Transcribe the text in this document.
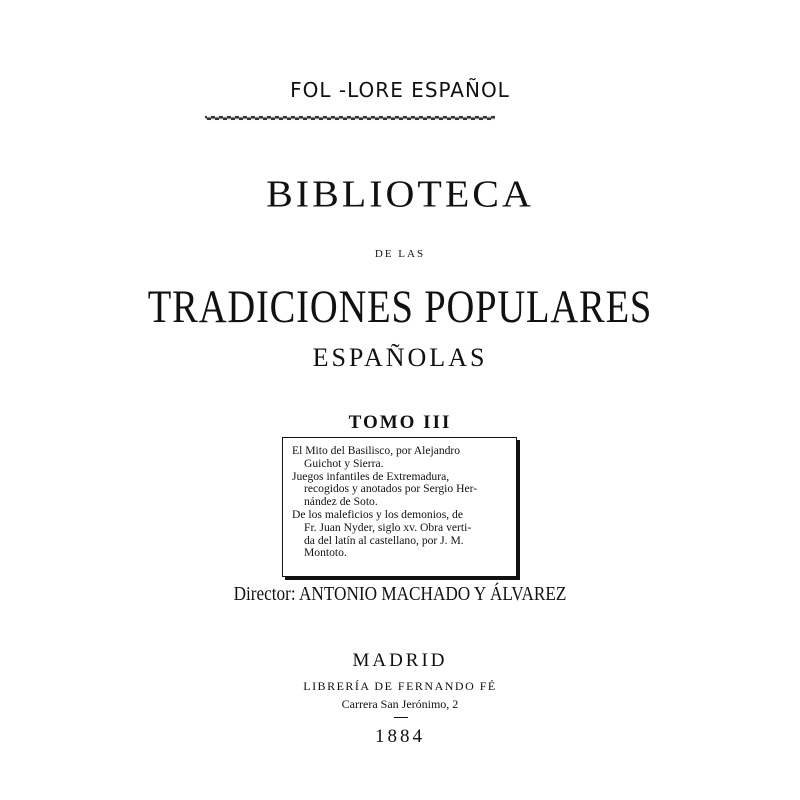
FOL -LORE ESPAÑOL
BIBLIOTECA
DE LAS
TRADICIONES POPULARES
ESPAÑOLAS
TOMO III
El Mito del Basilisco, por Alejandro
Guichot y Sierra.
Juegos infantiles de Extremadura,
recogidos y anotados por Sergio Her-
nández de Soto.
De los maleficios y los demonios, de
Fr. Juan Nyder, siglo xv. Obra verti-
da del latín al castellano, por J. M.
Montoto.
Director: ANTONIO MACHADO Y ÁLVAREZ
MADRID
LIBRERÍA DE FERNANDO FÉ
Carrera San Jerónimo, 2
1884
